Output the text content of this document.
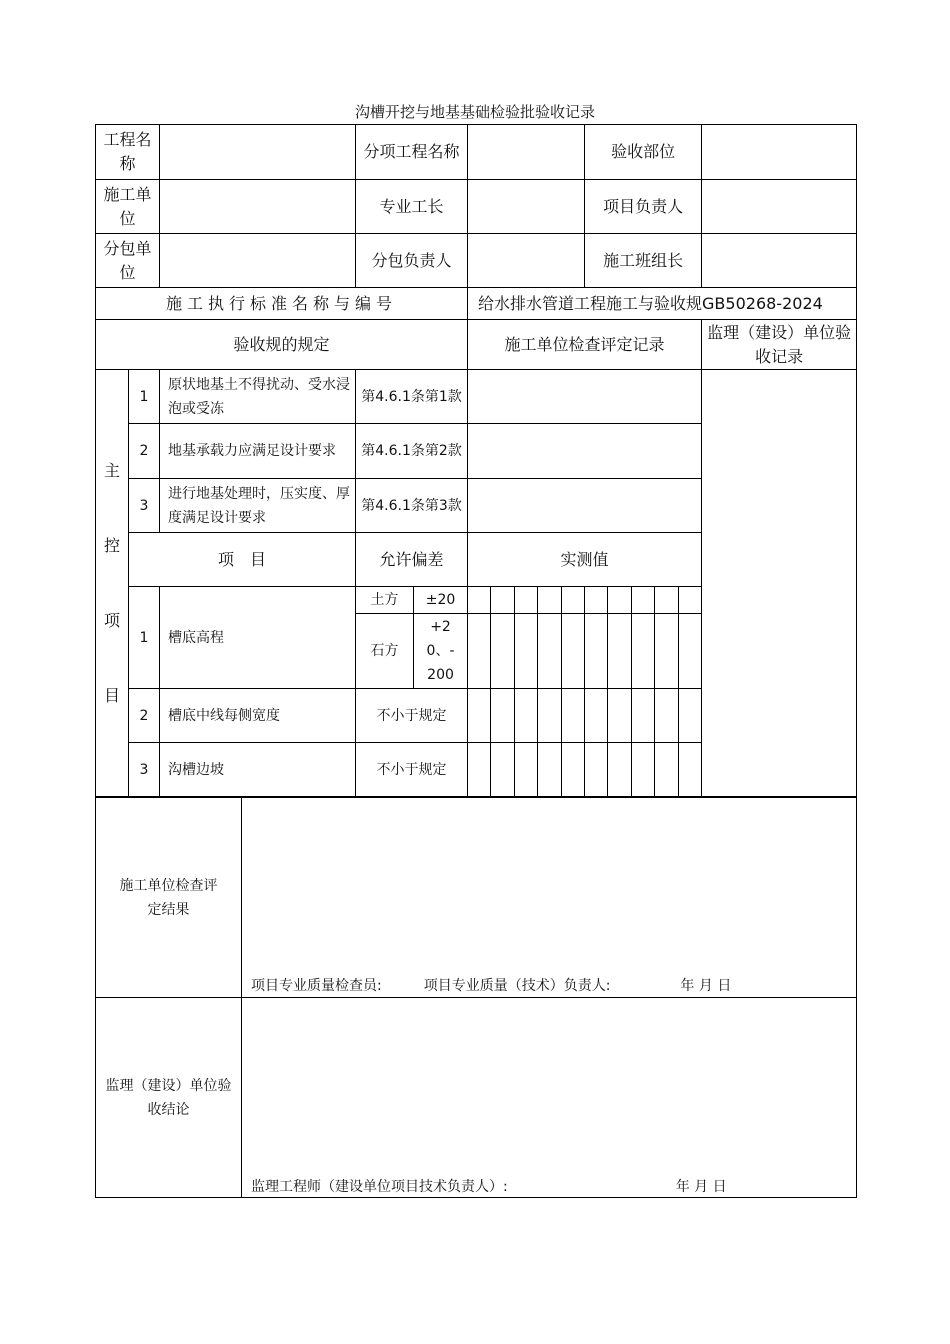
沟槽开挖与地基基础检验批验收记录
工程名称			分项工程名称							验收部位					
施工单位			专业工长							项目负责人					
分包单位			分包负责人							施工班组长					
施工执行标准名称与编号					给水排水管道工程施工与验收规GB50268-2024										
验收规的规定					施工单位检查评定记录										监理（建设）单位验收记录

主
控
项
目	1	原状地基土不得扰动、受水浸泡或受冻	第4.6.1条第1款												
	2	地基承载力应满足设计要求	第4.6.1条第2款												
	3	进行地基处理时，压实度、厚度满足设计要求	第4.6.1条第3款												
	项　目		允许偏差		实测值										
	1	槽底高程	土方	±20											
			石方	+20、-200											
	2	槽底中线每侧宽度	不小于规定												
	3	沟槽边坡	不小于规定												
施工单位检查评定结果	项目专业质量检查员:　　　项目专业质量（技术）负责人:　　　　　年 月 日

监理（建设）单位验收结论	监理工程师（建设单位项目技术负责人）:　　　　　　　　　　　　年 月 日
